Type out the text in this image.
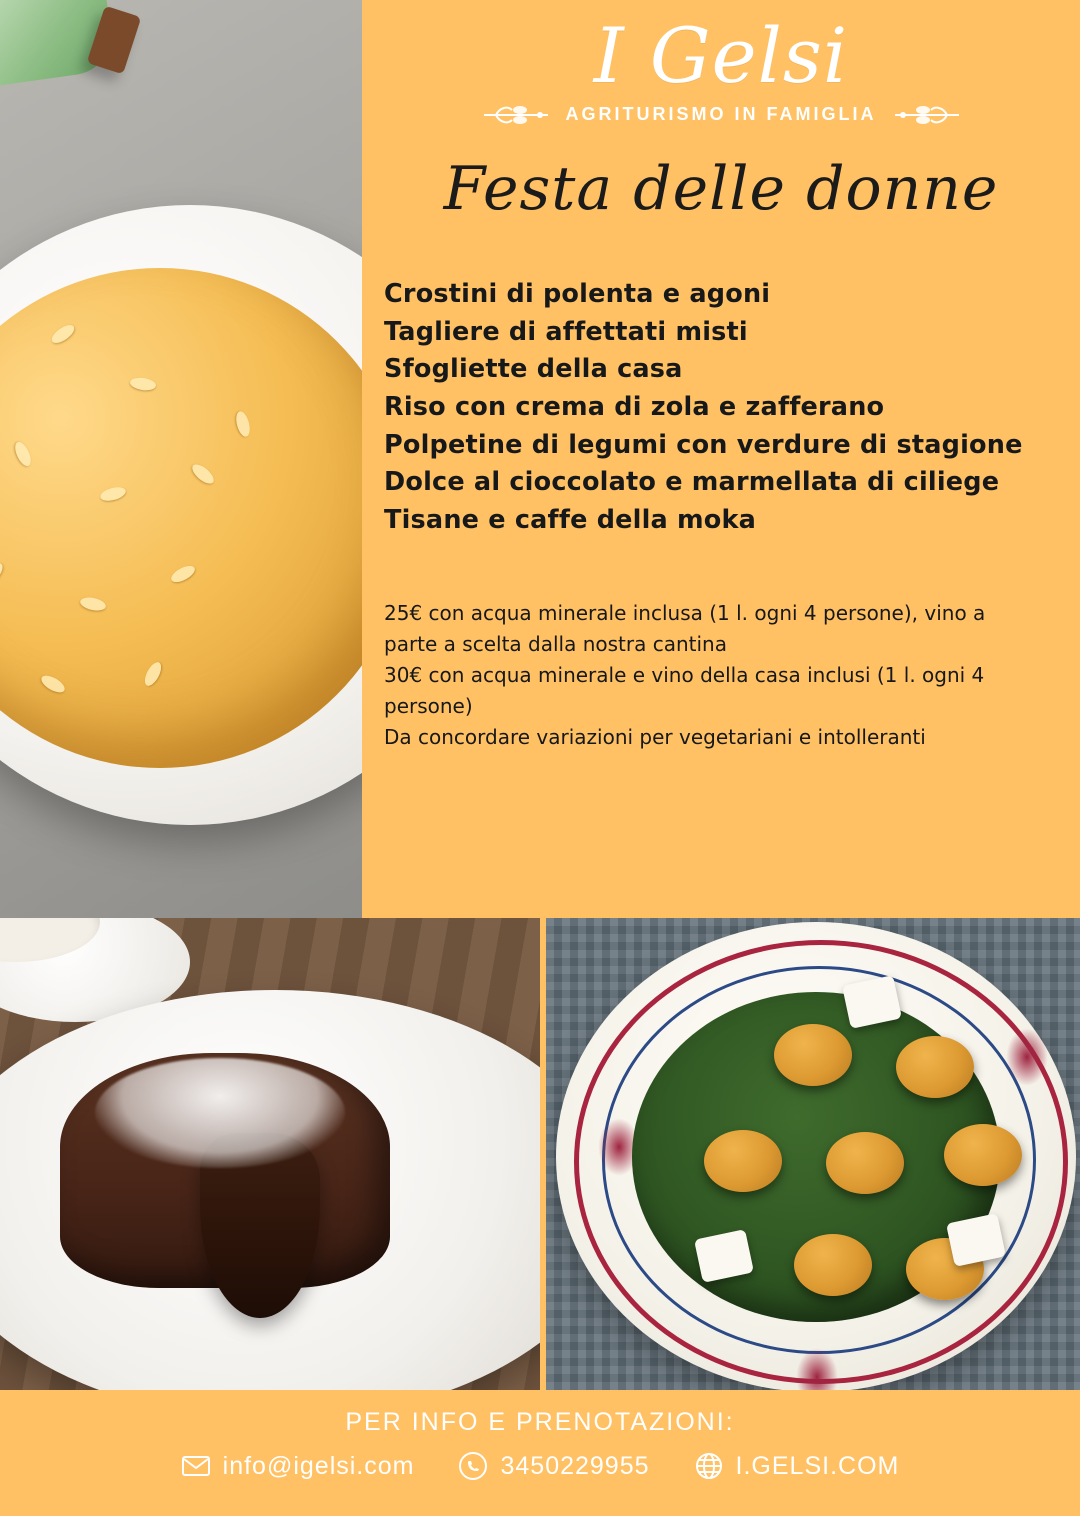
I Gelsi
AGRITURISMO IN FAMIGLIA
Festa delle donne
Crostini di polenta e agoni
Tagliere di affettati misti
Sfogliette della casa
Riso con crema di zola e zafferano
Polpetine di legumi con verdure di stagione
Dolce al cioccolato e marmellata di ciliege
Tisane e caffe della moka
25€ con acqua minerale inclusa (1 l. ogni 4 persone), vino a parte a scelta dalla nostra cantina
30€ con acqua minerale e vino della casa inclusi (1 l. ogni 4 persone)
Da concordare variazioni per vegetariani e intolleranti
PER INFO E PRENOTAZIONI:
info@igelsi.com	3450229955	I.GELSI.COM
